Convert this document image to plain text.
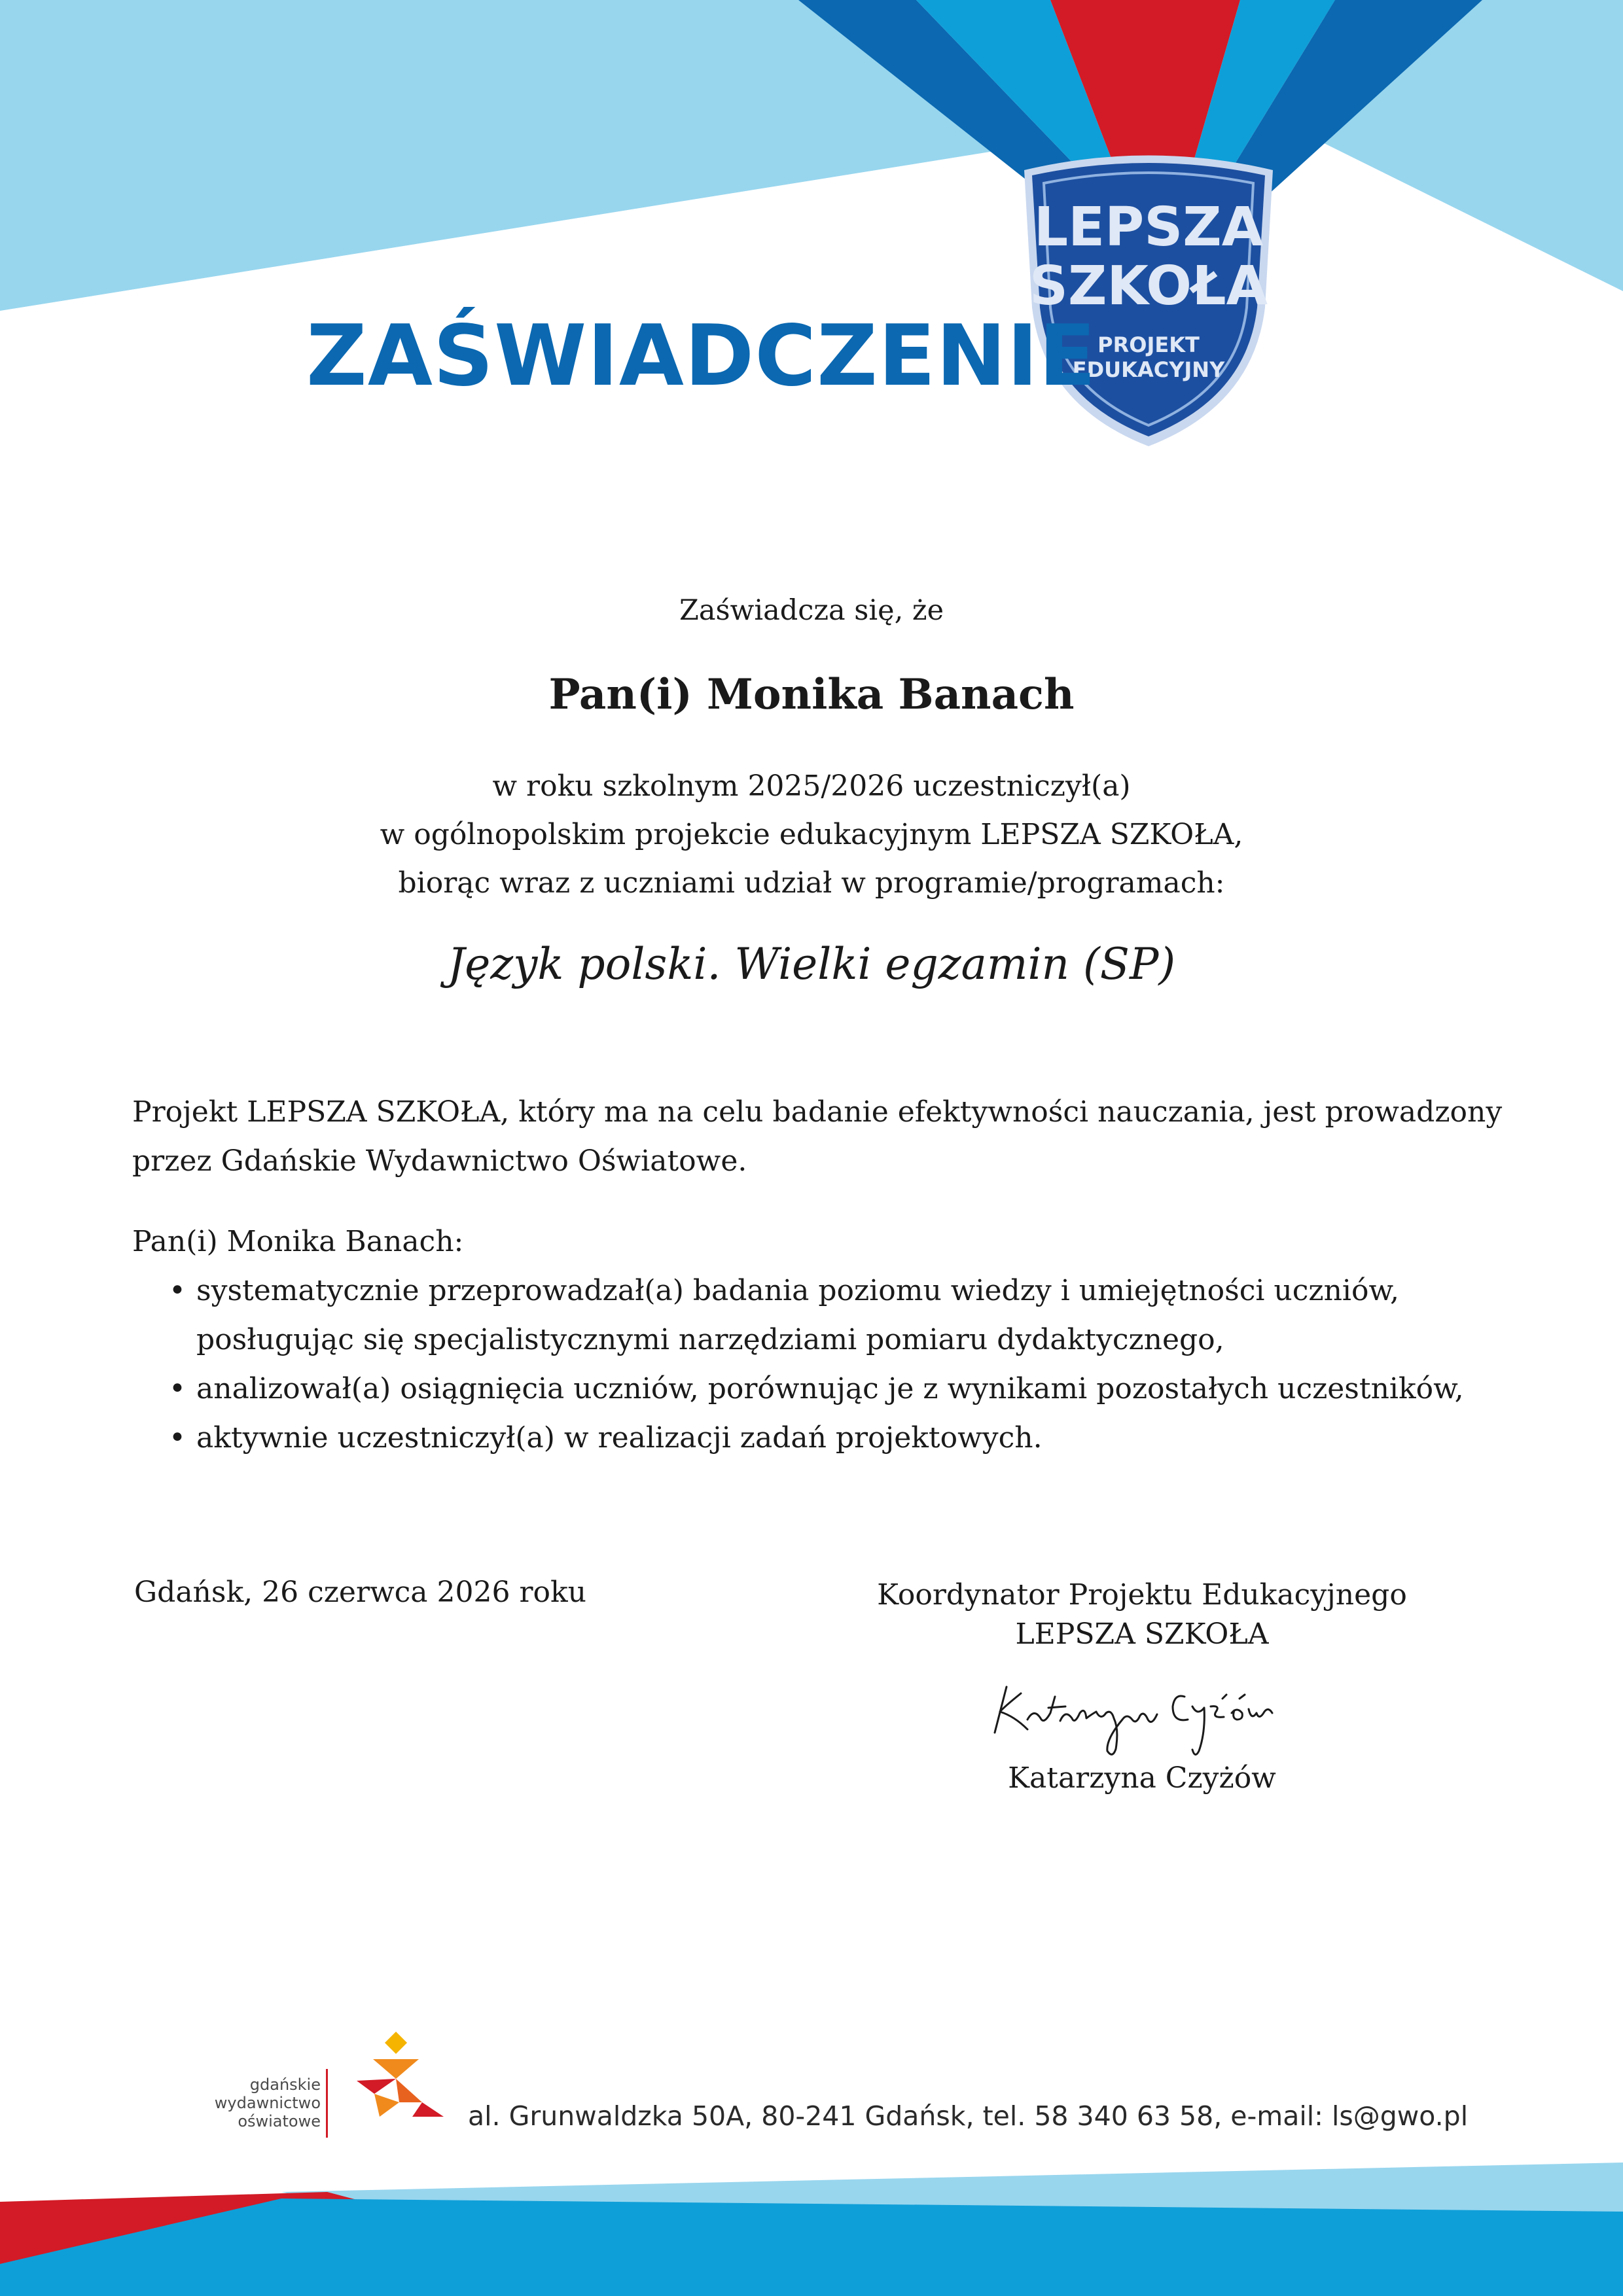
LEPSZA
SZKOŁA
PROJEKT
EDUKACYJNY
ZAŚWIADCZENIE
Zaświadcza się, że
Pan(i) Monika Banach
w roku szkolnym 2025/2026 uczestniczył(a)
w ogólnopolskim projekcie edukacyjnym LEPSZA SZKOŁA,
biorąc wraz z uczniami udział w programie/programach:
Język polski. Wielki egzamin (SP)
Projekt LEPSZA SZKOŁA, który ma na celu badanie efektywności nauczania, jest prowadzony
przez Gdańskie Wydawnictwo Oświatowe.
Pan(i) Monika Banach:
• systematycznie przeprowadzał(a) badania poziomu wiedzy i umiejętności uczniów,
posługując się specjalistycznymi narzędziami pomiaru dydaktycznego,
• analizował(a) osiągnięcia uczniów, porównując je z wynikami pozostałych uczestników,
• aktywnie uczestniczył(a) w realizacji zadań projektowych.
Gdańsk, 26 czerwca 2026 roku	Koordynator Projektu Edukacyjnego
LEPSZA SZKOŁA
Katarzyna Czyżów
gdańskie
wydawnictwo
oświatowe	al. Grunwaldzka 50A, 80-241 Gdańsk, tel. 58 340 63 58, e-mail: ls@gwo.pl
